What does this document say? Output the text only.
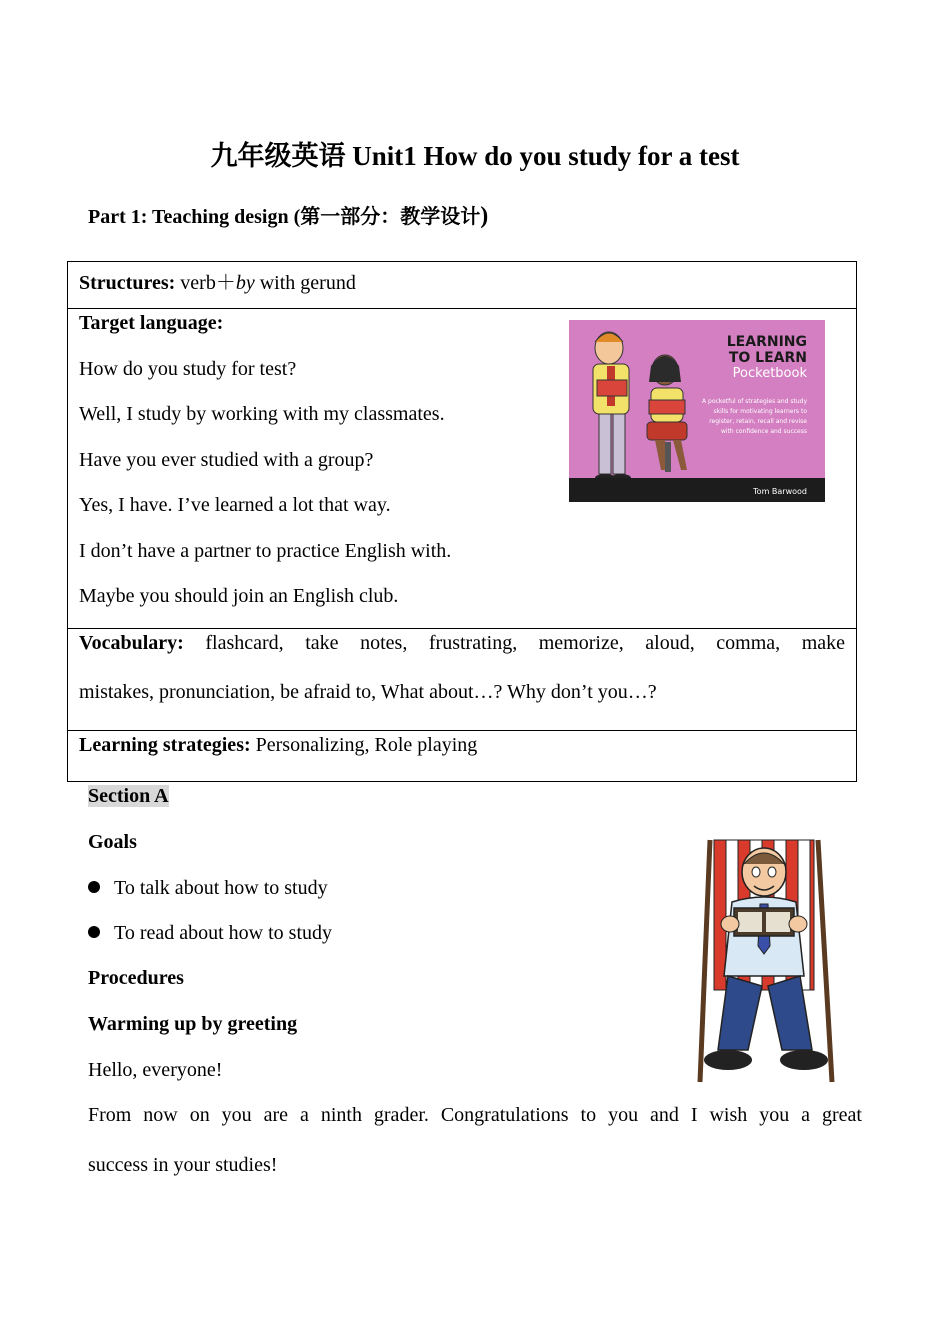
九年级英语 Unit1 How do you study for a test
Part 1: Teaching design (第一部分：教学设计)
Structures: verb＋by with gerund
Target language:
How do you study for test?
Well, I study by working with my classmates.
Have you ever studied with a group?
Yes, I have. I’ve learned a lot that way.
I don’t have a partner to practice English with.
Maybe you should join an English club.
Vocabulary: flashcard, take notes, frustrating, memorize, aloud, comma, make
mistakes, pronunciation, be afraid to, What about…? Why don’t you…?
Learning strategies: Personalizing, Role playing
LEARNING
TO LEARN
Pocketbook
A pocketful of strategies and study skills for motivating learners to register, retain, recall and revise with confidence and success
Tom Barwood
Section A
Goals
To talk about how to study
To read about how to study
Procedures
Warming up by greeting
Hello, everyone!
From now on you are a ninth grader. Congratulations to you and I wish you a great
success in your studies!
